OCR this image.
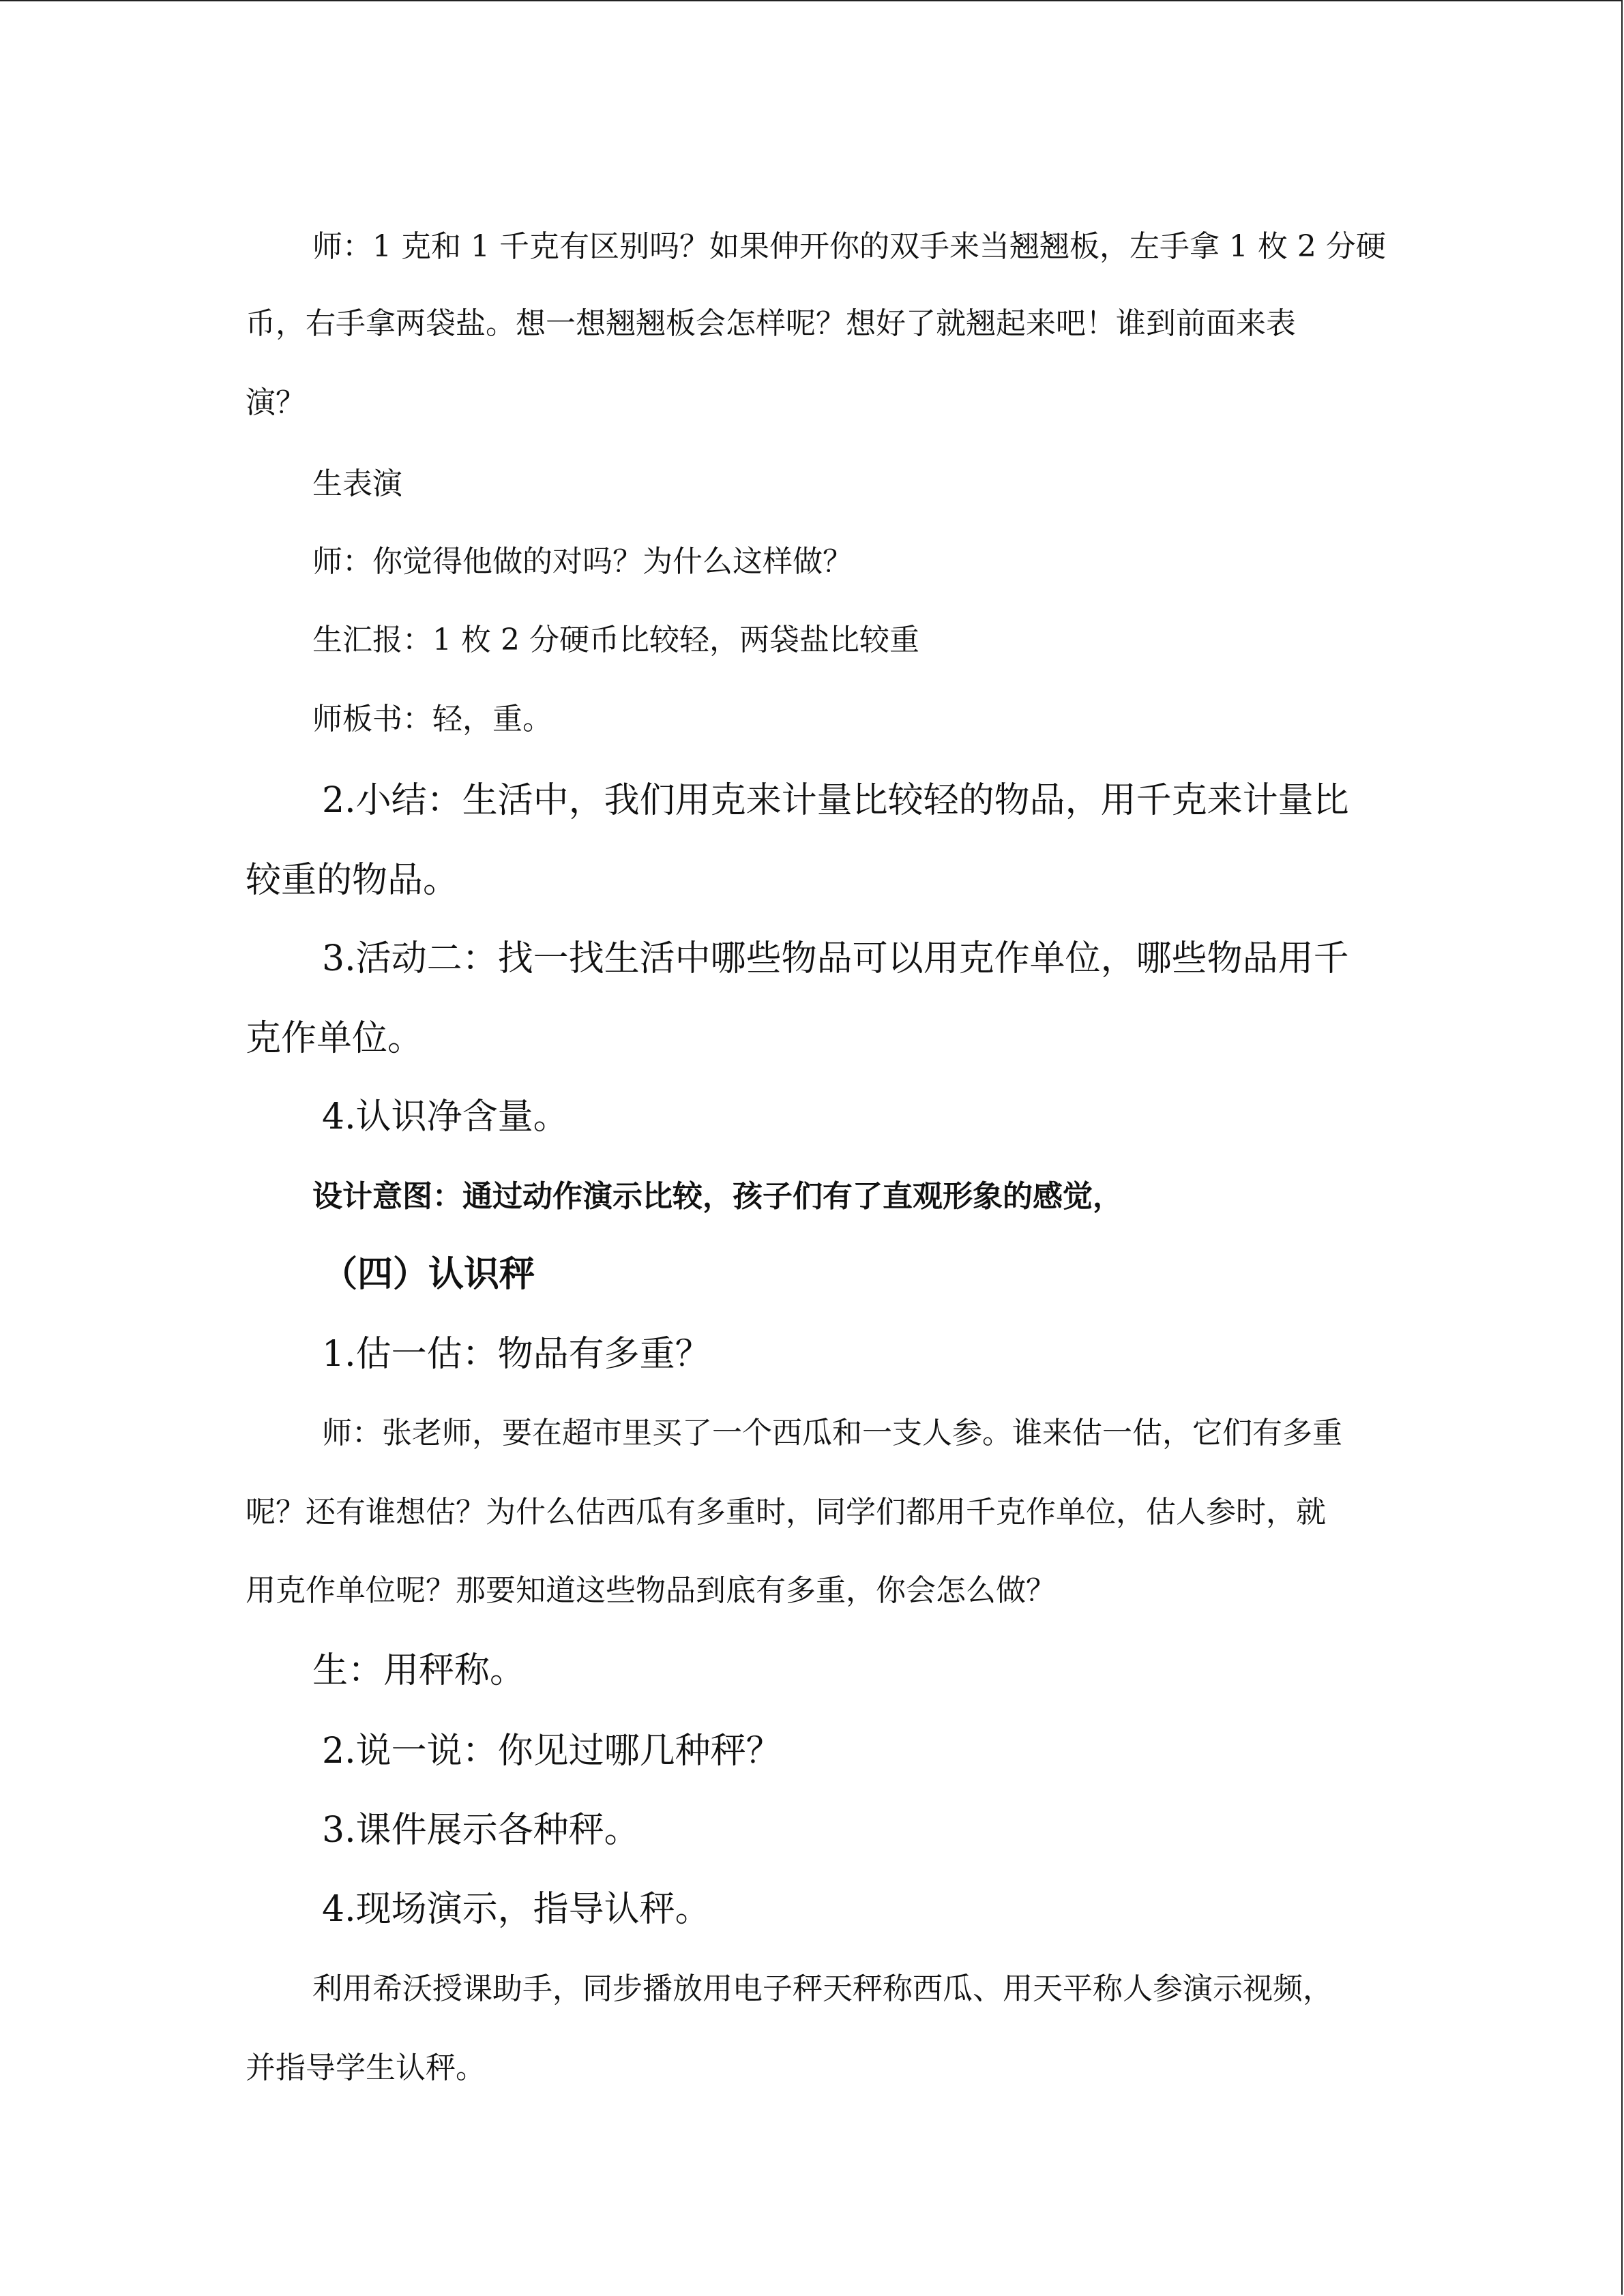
师：1 克和 1 千克有区别吗？如果伸开你的双手来当翘翘板，左手拿 1 枚 2 分硬
币，右手拿两袋盐。想一想翘翘板会怎样呢？想好了就翘起来吧！谁到前面来表
演？
生表演
师：你觉得他做的对吗？为什么这样做？
生汇报：1 枚 2 分硬币比较轻，两袋盐比较重
师板书：轻，重。
2.小结：生活中，我们用克来计量比较轻的物品，用千克来计量比
较重的物品。
3.活动二：找一找生活中哪些物品可以用克作单位，哪些物品用千
克作单位。
4.认识净含量。
设计意图：通过动作演示比较，孩子们有了直观形象的感觉，
（四）认识秤
1.估一估：物品有多重？
师：张老师，要在超市里买了一个西瓜和一支人参。谁来估一估，它们有多重
呢？还有谁想估？为什么估西瓜有多重时，同学们都用千克作单位，估人参时，就
用克作单位呢？那要知道这些物品到底有多重，你会怎么做？
生：用秤称。
2.说一说：你见过哪几种秤？
3.课件展示各种秤。
4.现场演示，指导认秤。
利用希沃授课助手，同步播放用电子秤天秤称西瓜、用天平称人参演示视频，
并指导学生认秤。
